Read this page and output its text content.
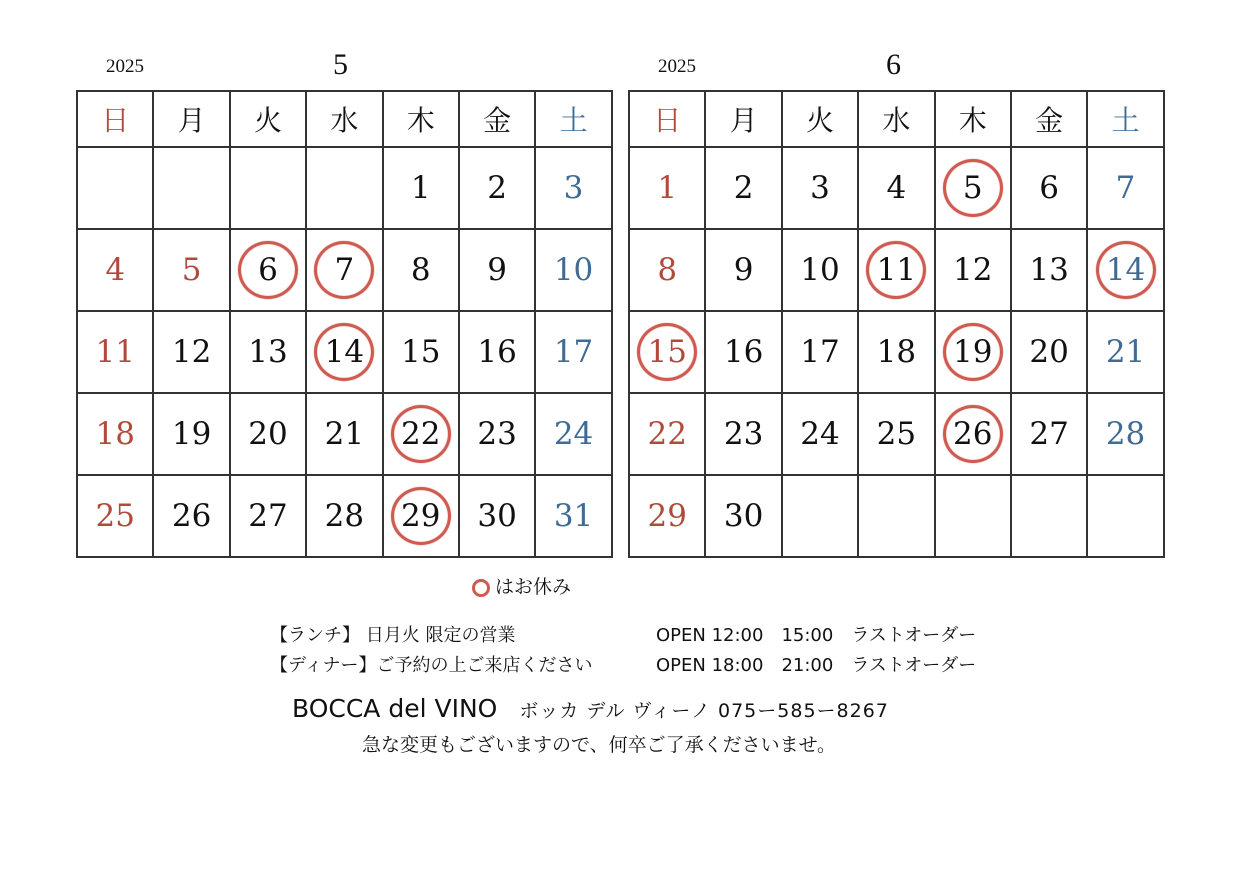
2025	5
日	月	火	水	木	金	土
				1	2	3
4	5	6	7	8	9	10
11	12	13	14	15	16	17
18	19	20	21	22	23	24
25	26	27	28	29	30	31
2025	6
日	月	火	水	木	金	土
1	2	3	4	5	6	7
8	9	10	11	12	13	14

15	16	17	18	19	20	21
22	23	24	25	26	27	28
29	30					
はお休み
【ランチ】 日月火 限定の営業	OPEN 12:00　15:00　ラストオーダー
【ディナー】ご予約の上ご来店ください	OPEN 18:00　21:00　ラストオーダー
BOCCA del VINO ボッカ デル ヴィーノ 075ー585ー8267
急な変更もございますので、何卒ご了承くださいませ。
